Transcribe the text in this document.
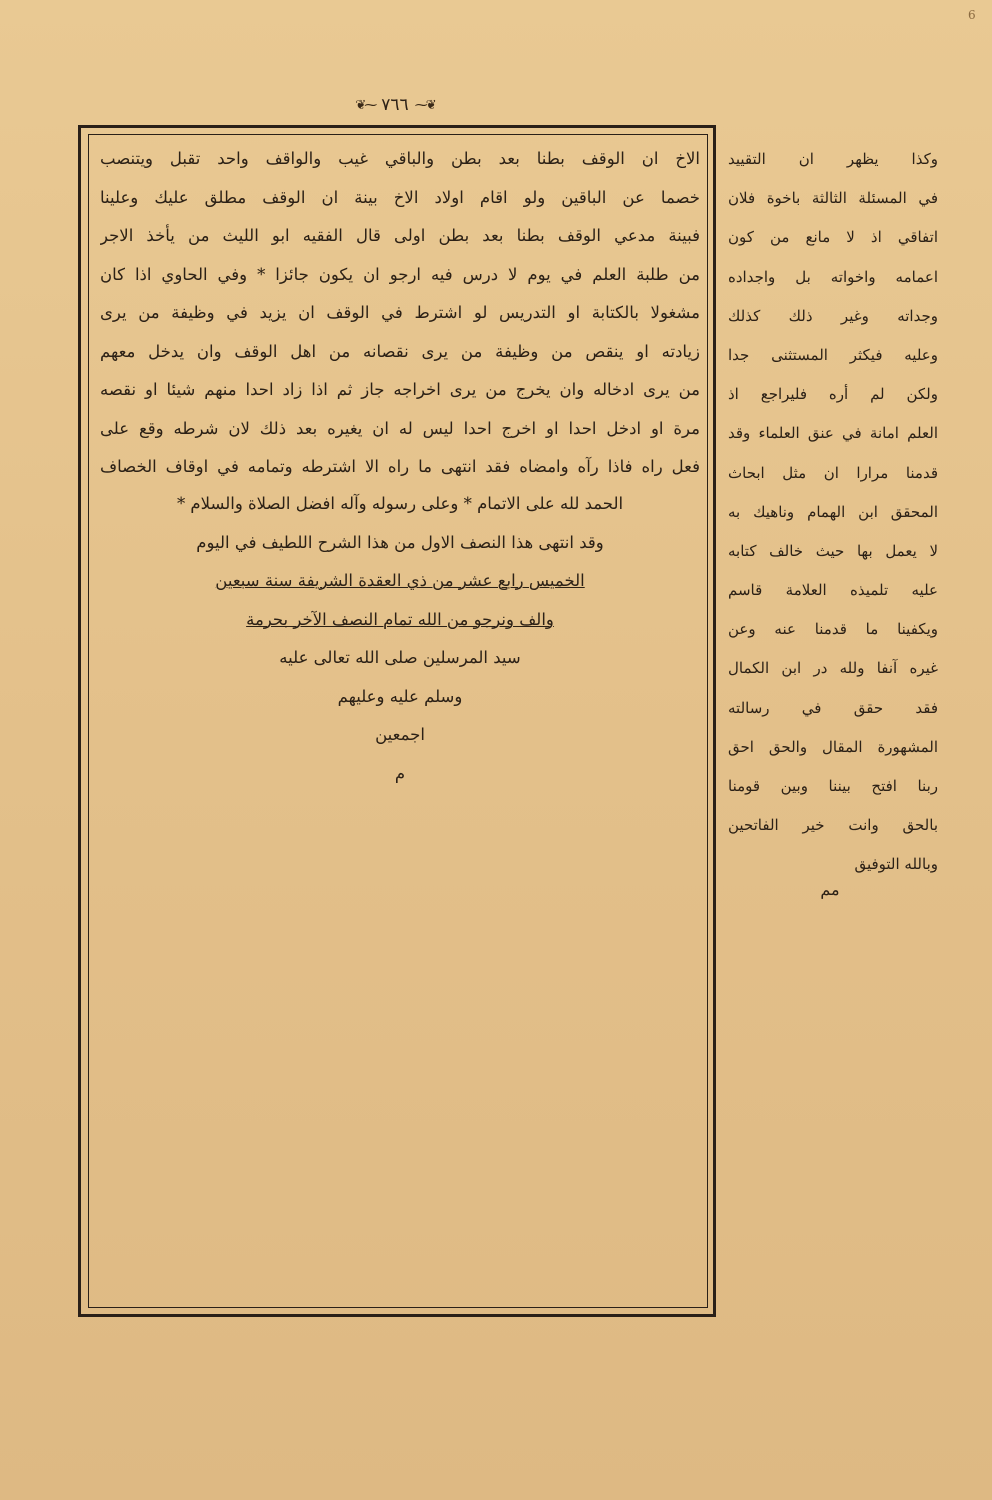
6
❦⁓
٧٦٦
⁓❦
الاخ ان الوقف بطنا بعد بطن والباقي غيب والواقف واحد تقبل ويتنصب
خصما عن الباقين ولو اقام اولاد الاخ بينة ان الوقف مطلق عليك وعلينا
فبينة مدعي الوقف بطنا بعد بطن اولى قال الفقيه ابو الليث من يأخذ الاجر
من طلبة العلم في يوم لا درس فيه ارجو ان يكون جائزا * وفي الحاوي اذا كان
مشغولا بالكتابة او التدريس لو اشترط في الوقف ان يزيد في وظيفة من يرى
زيادته او ينقص من وظيفة من يرى نقصانه من اهل الوقف وان يدخل معهم
من يرى ادخاله وان يخرج من يرى اخراجه جاز ثم اذا زاد احدا منهم شيئا او نقصه
مرة او ادخل احدا او اخرج احدا ليس له ان يغيره بعد ذلك لان شرطه وقع على
فعل راه فاذا رآه وامضاه فقد انتهى ما راه الا اشترطه وتمامه في اوقاف الخصاف
الحمد لله على الاتمام * وعلى رسوله وآله افضل الصلاة والسلام *
وقد انتهى هذا النصف الاول من هذا الشرح اللطيف في اليوم
الخميس رابع عشر من ذي العقدة الشريفة سنة سبعين
والف ونرجو من الله تمام النصف الآخر بحرمة
سيد المرسلين صلى الله تعالى عليه
وسلم عليه وعليهم
اجمعين
م
وكذا يظهر ان التقييد
في المسئلة الثالثة باخوة فلان
اتفاقي اذ لا مانع من كون
اعمامه واخواته بل واجداده
وجداته وغير ذلك كذلك
وعليه فيكثر المستثنى جدا
ولكن لم أره فليراجع اذ
العلم امانة في عنق العلماء وقد
قدمنا مرارا ان مثل ابحاث
المحقق ابن الهمام وناهيك به
لا يعمل بها حيث خالف كتابه
عليه تلميذه العلامة قاسم
ويكفينا ما قدمنا عنه وعن
غيره آنفا ولله در ابن الكمال
فقد حقق في رسالته
المشهورة المقال والحق احق
ربنا افتح بيننا وبين قومنا
بالحق وانت خير الفاتحين
وبالله التوفيق
مم
